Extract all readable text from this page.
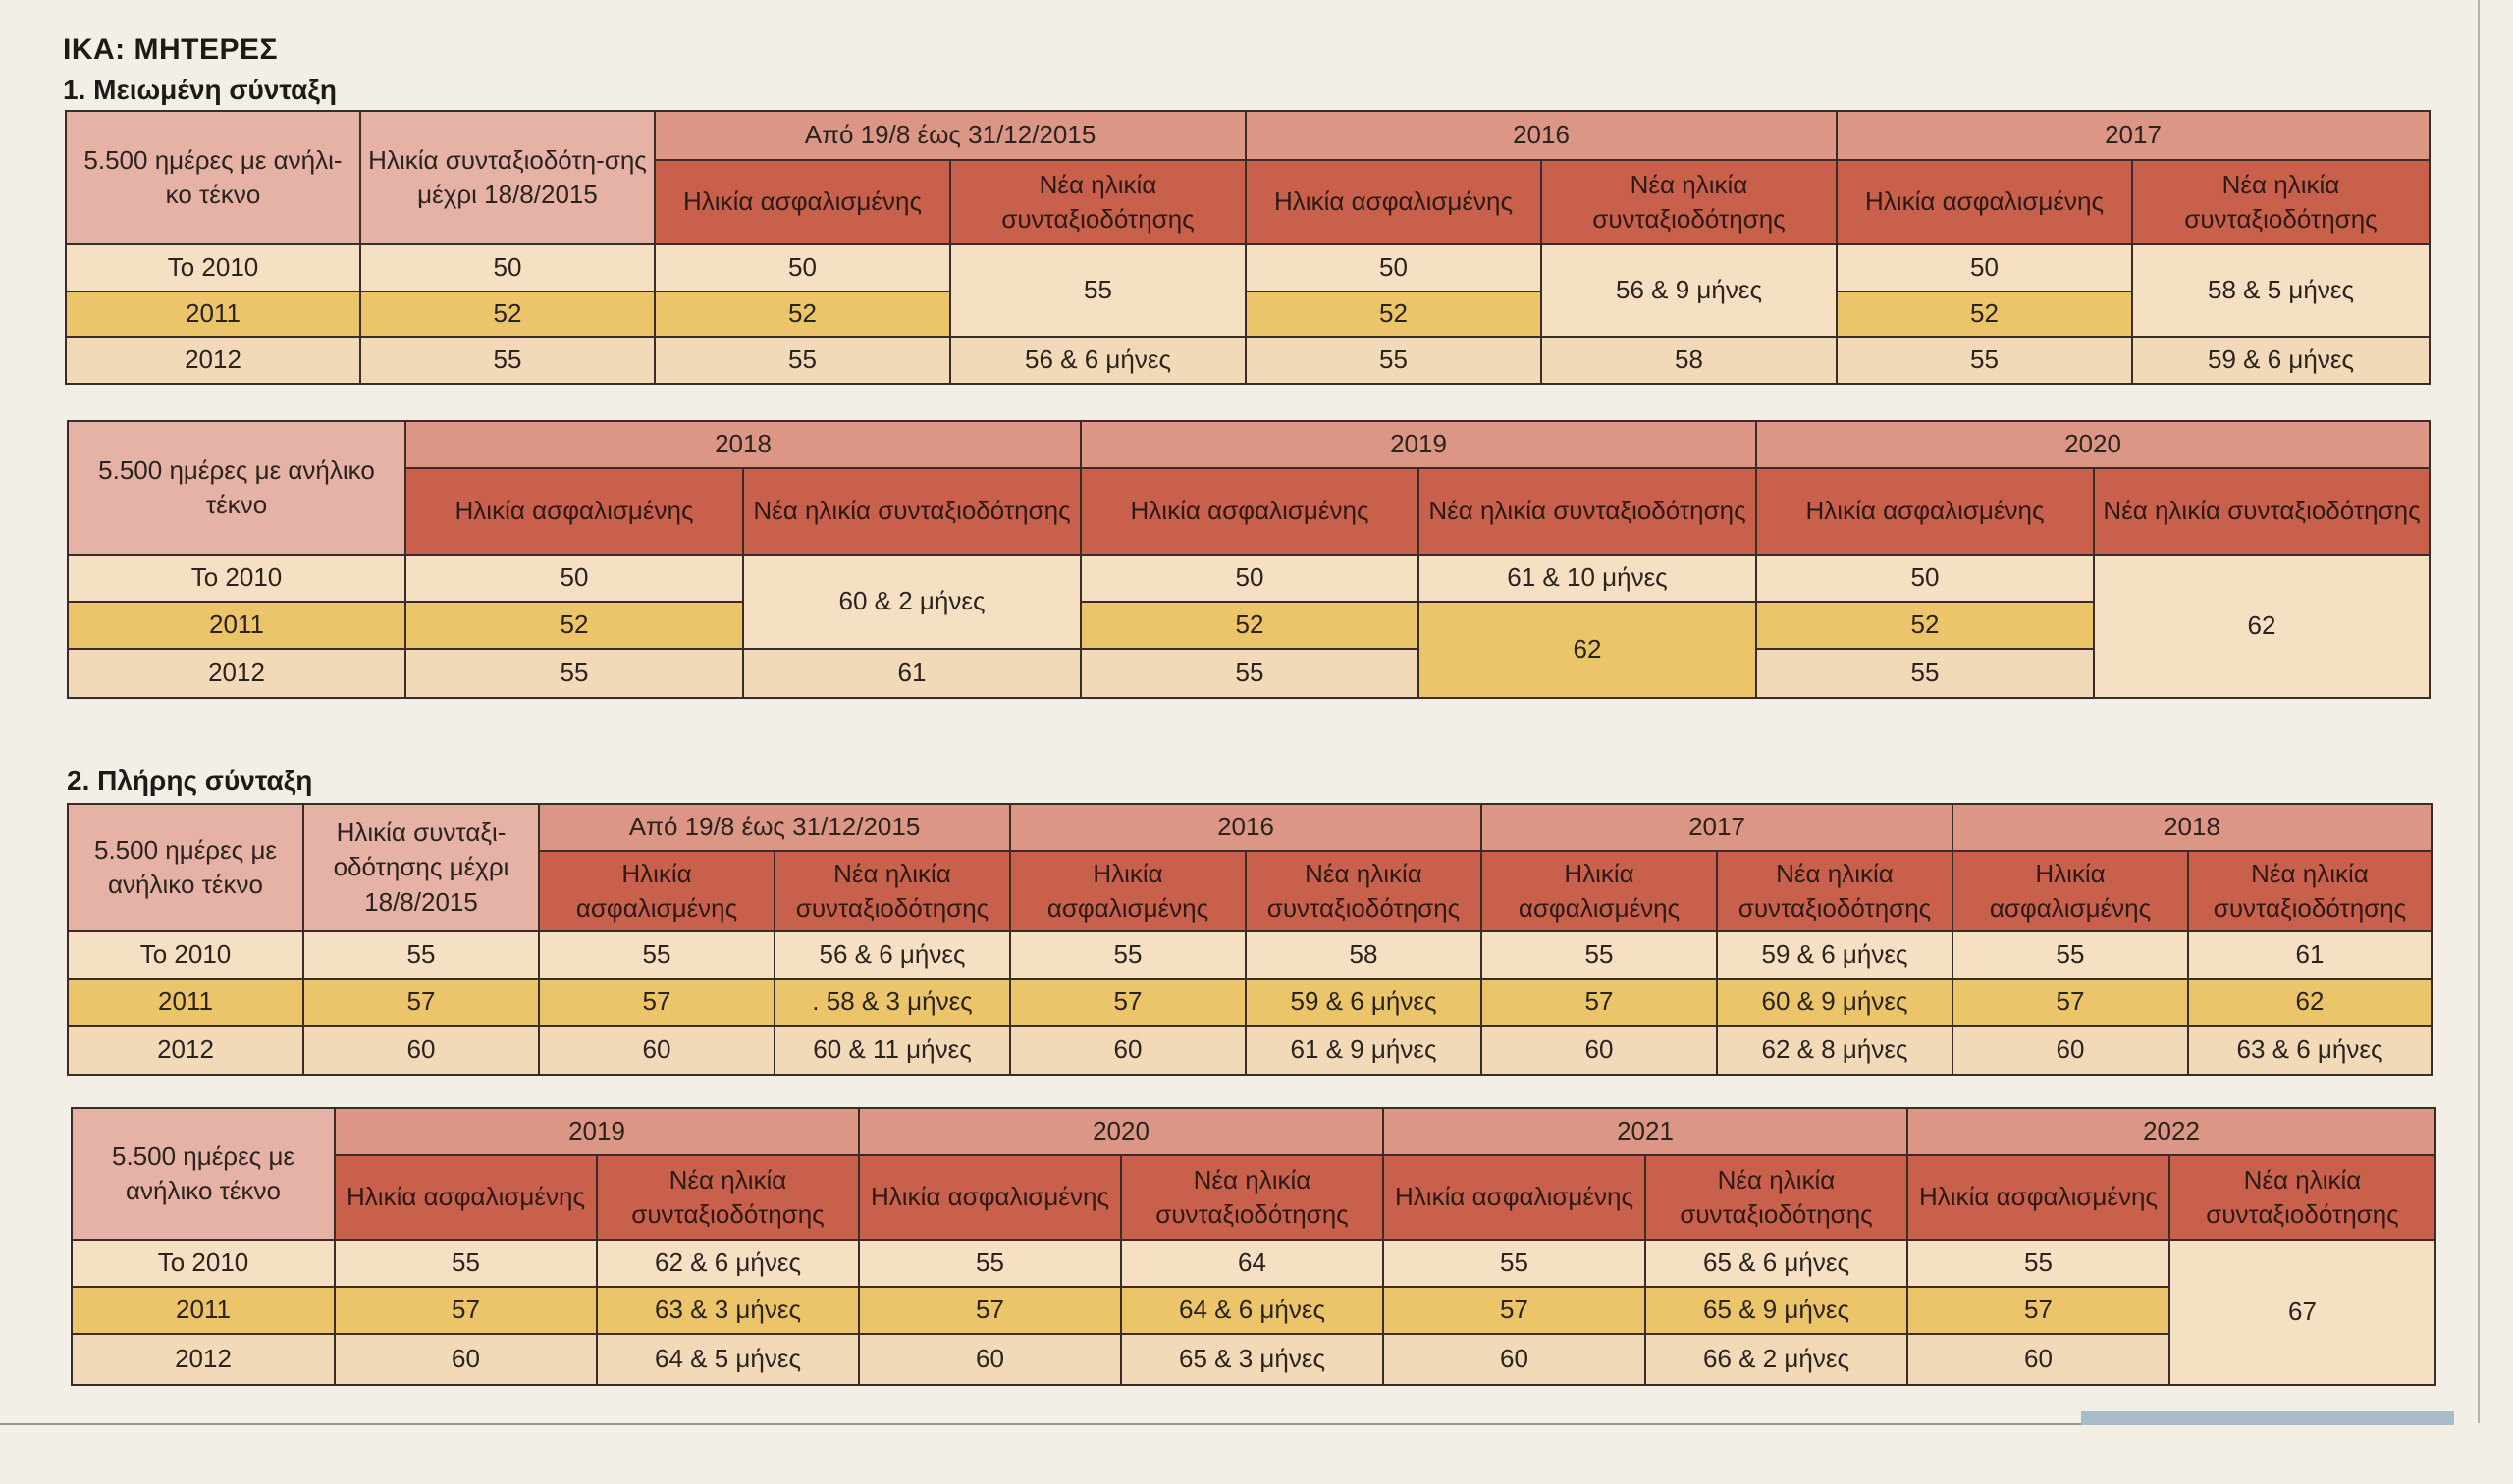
ΙΚΑ: ΜΗΤΕΡΕΣ
1. Μειωμένη σύνταξη
5.500 ημέρες με ανήλι-κο τέκνο	Ηλικία συνταξιοδότη-σης μέχρι 18/8/2015	Από 19/8 έως 31/12/2015		2016		2017	
		Ηλικία ασφαλισμένης	Νέα ηλικία συνταξιοδότησης	Ηλικία ασφαλισμένης	Νέα ηλικία συνταξιοδότησης	Ηλικία ασφαλισμένης	Νέα ηλικία συνταξιοδότησης
Το 2010	50	50	55	50	56 & 9 μήνες	50	58 & 5 μήνες
2011	52	52		52		52	
2012	55	55	56 & 6 μήνες	55	58	55	59 & 6 μήνες
5.500 ημέρες με ανήλικο τέκνο	2018		2019		2020	
	Ηλικία ασφαλισμένης	Νέα ηλικία συνταξιοδότησης	Ηλικία ασφαλισμένης	Νέα ηλικία συνταξιοδότησης	Ηλικία ασφαλισμένης	Νέα ηλικία συνταξιοδότησης
Το 2010	50	60 & 2 μήνες	50	61 & 10 μήνες	50	62
2011	52		52	62	52	
2012	55	61	55		55	
2. Πλήρης σύνταξη
5.500 ημέρες με ανήλικο τέκνο	Ηλικία συνταξι-οδότησης μέχρι 18/8/2015	Από 19/8 έως 31/12/2015		2016		2017		2018	
		Ηλικία ασφαλισμένης	Νέα ηλικία συνταξιοδότησης	Ηλικία ασφαλισμένης	Νέα ηλικία συνταξιοδότησης	Ηλικία ασφαλισμένης	Νέα ηλικία συνταξιοδότησης	Ηλικία ασφαλισμένης	Νέα ηλικία συνταξιοδότησης
Το 2010	55	55	56 & 6 μήνες	55	58	55	59 & 6 μήνες	55	61
2011	57	57	. 58 & 3 μήνες	57	59 & 6 μήνες	57	60 & 9 μήνες	57	62
2012	60	60	60 & 11 μήνες	60	61 & 9 μήνες	60	62 & 8 μήνες	60	63 & 6 μήνες
5.500 ημέρες με ανήλικο τέκνο	2019		2020		2021		2022	
	Ηλικία ασφαλισμένης	Νέα ηλικία συνταξιοδότησης	Ηλικία ασφαλισμένης	Νέα ηλικία συνταξιοδότησης	Ηλικία ασφαλισμένης	Νέα ηλικία συνταξιοδότησης	Ηλικία ασφαλισμένης	Νέα ηλικία συνταξιοδότησης
Το 2010	55	62 & 6 μήνες	55	64	55	65 & 6 μήνες	55	67
2011	57	63 & 3 μήνες	57	64 & 6 μήνες	57	65 & 9 μήνες	57	
2012	60	64 & 5 μήνες	60	65 & 3 μήνες	60	66 & 2 μήνες	60	
